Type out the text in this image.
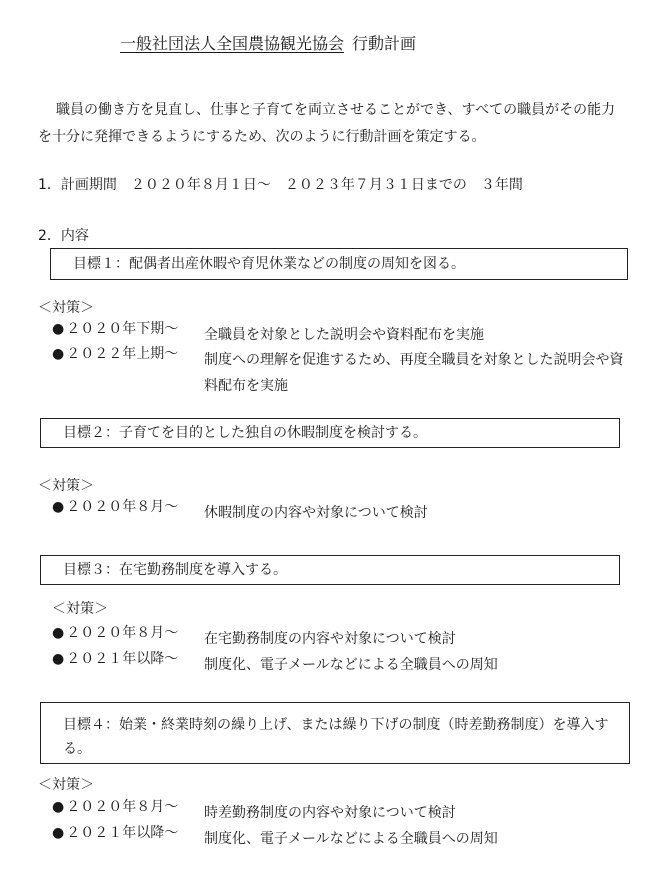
一般社団法人全国農協観光協会 行動計画
職員の働き方を見直し、仕事と子育てを両立させることができ、すべての職員がその能力を十分に発揮できるようにするため、次のように行動計画を策定する。
1．計画期間 ２０２０年８月１日～　２０２３年７月３１日までの ３年間
2．内容
目標１：配偶者出産休暇や育児休業などの制度の周知を図る。
＜対策＞
● ２０２０年下期～	全職員を対象とした説明会や資料配布を実施
● ２０２２年上期～	制度への理解を促進するため、再度全職員を対象とした説明会や資料配布を実施
目標２：子育てを目的とした独自の休暇制度を検討する。
＜対策＞
● ２０２０年８月～	休暇制度の内容や対象について検討
目標３：在宅勤務制度を導入する。
＜対策＞
● ２０２０年８月～	在宅勤務制度の内容や対象について検討
● ２０２１年以降～	制度化、電子メールなどによる全職員への周知
目標４：始業・終業時刻の繰り上げ、または繰り下げの制度（時差勤務制度）を導入する。
＜対策＞
● ２０２０年８月～	時差勤務制度の内容や対象について検討
● ２０２１年以降～	制度化、電子メールなどによる全職員への周知
